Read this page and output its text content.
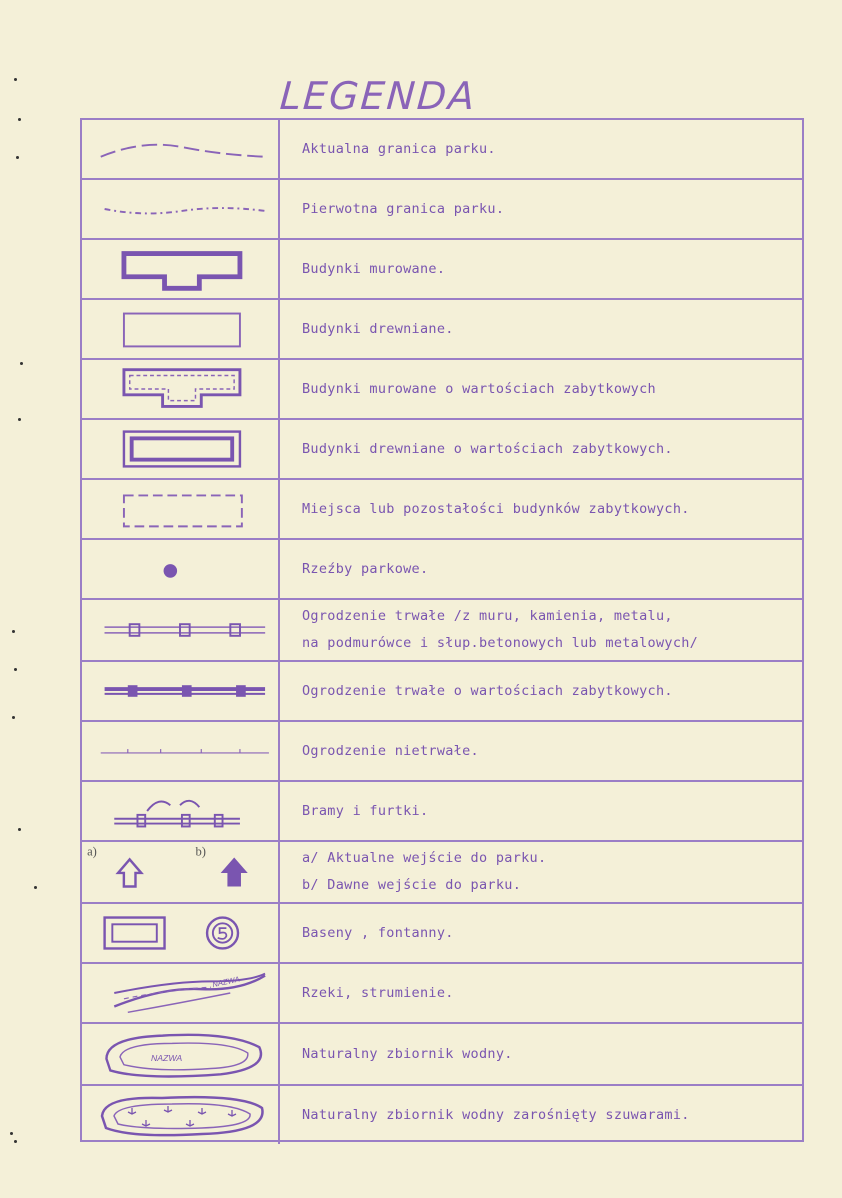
LEGENDA
Aktualna granica parku.
Pierwotna granica parku.
Budynki murowane.
Budynki drewniane.
Budynki murowane o wartościach zabytkowych
Budynki drewniane o wartościach zabytkowych.
Miejsca lub pozostałości budynków zabytkowych.
Rzeźby parkowe.
Ogrodzenie trwałe /z muru, kamienia, metalu,
na podmurówce i słup.betonowych lub metalowych/
Ogrodzenie trwałe o wartościach zabytkowych.
Ogrodzenie nietrwałe.
Bramy i furtki.
a)	b)	a/ Aktualne wejście do parku.
b/ Dawne wejście do parku.
Baseny , fontanny.
NAZWA
Rzeki, strumienie.
NAZWA	Naturalny zbiornik wodny.
Naturalny zbiornik wodny zarośnięty szuwarami.
